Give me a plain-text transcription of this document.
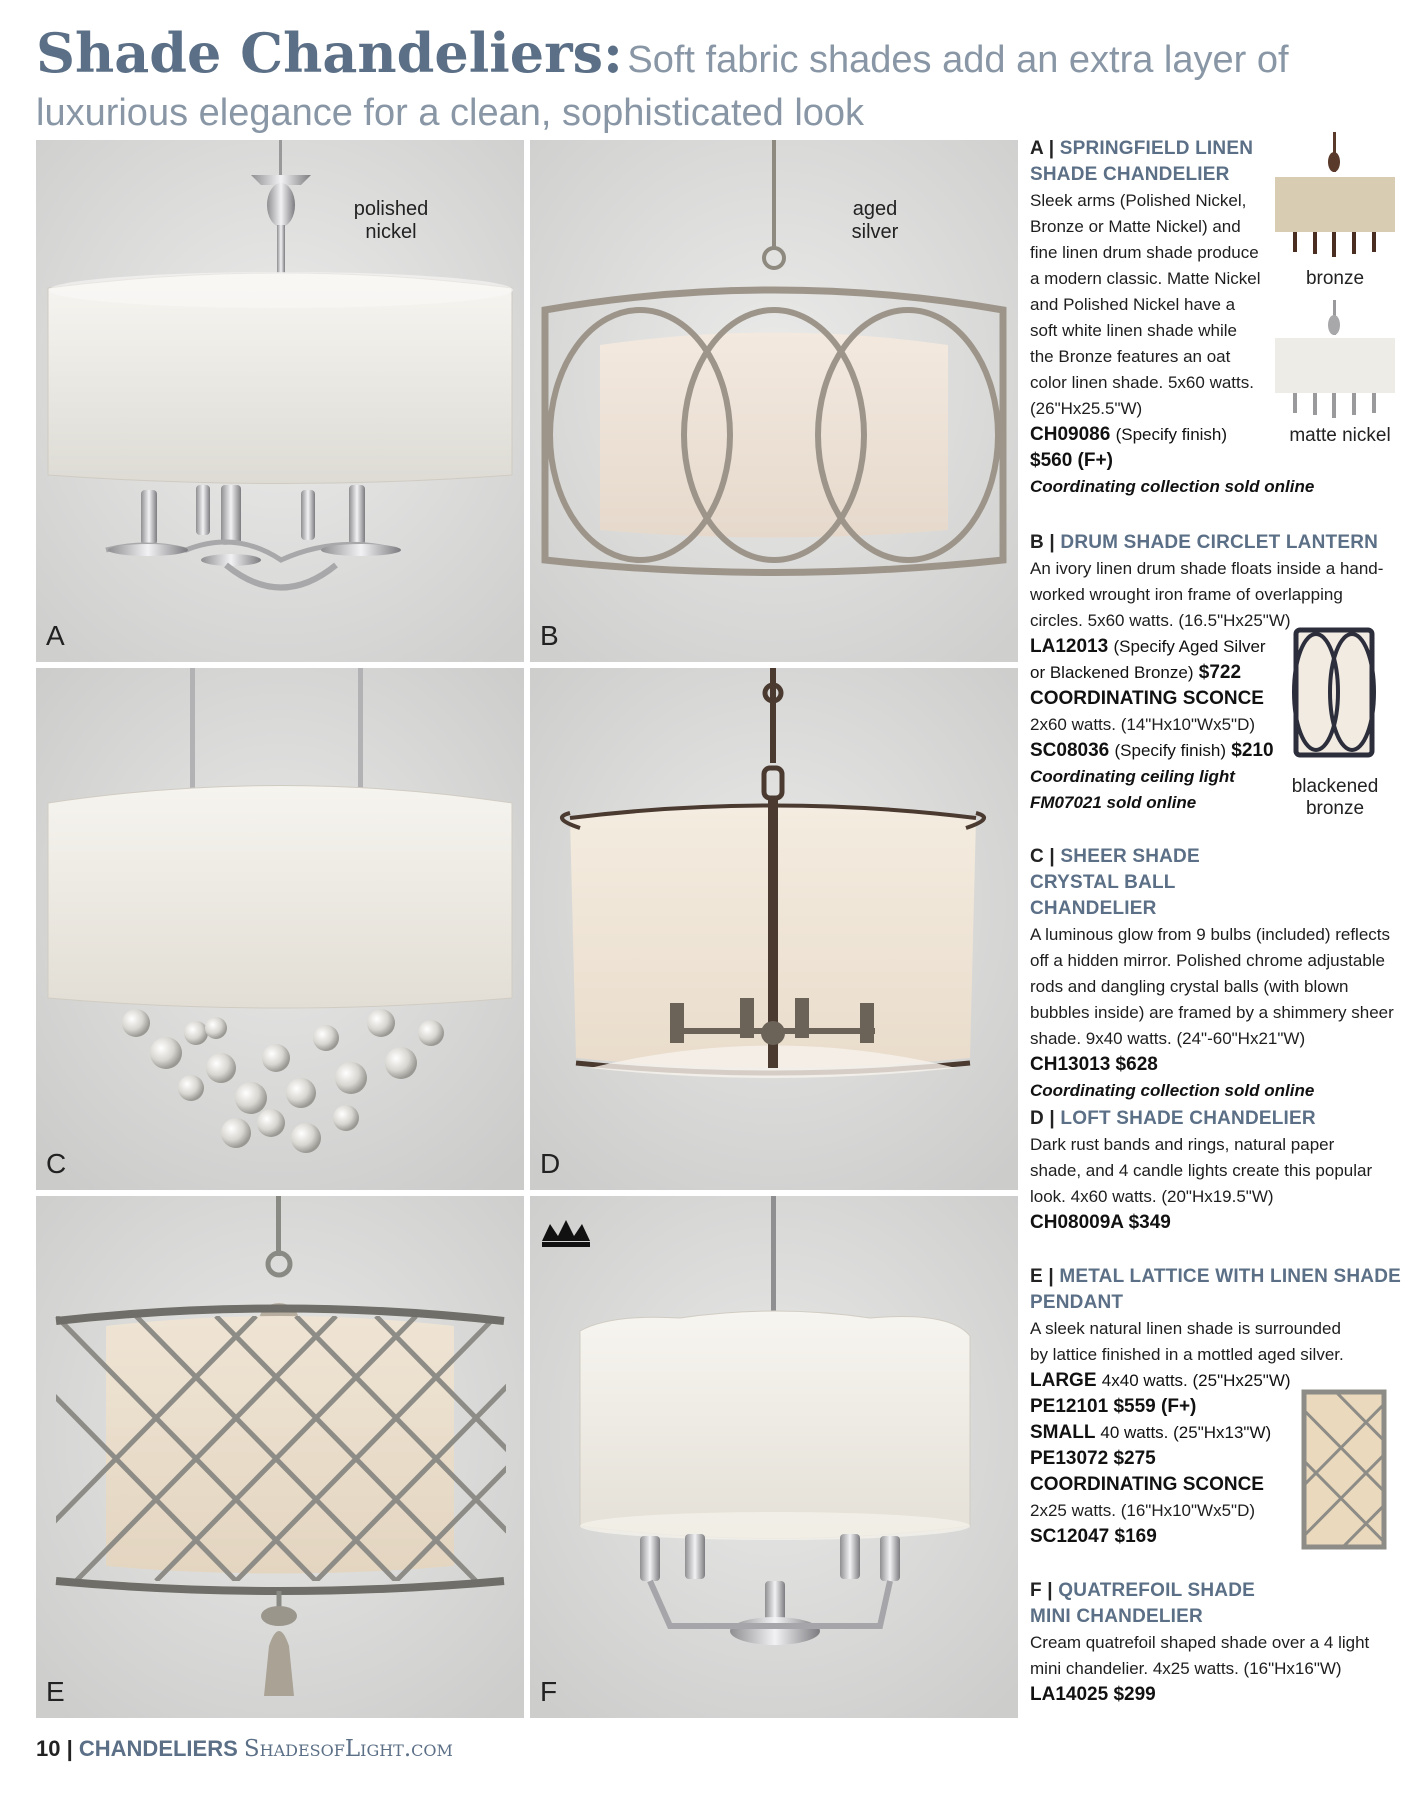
Shade Chandeliers: Soft fabric shades add an extra layer of
luxurious elegance for a clean, sophisticated look
polished
nickel
A
aged
silver
B
C	D
E	F
bronze
matte nickel
blackened
bronze
A | SPRINGFIELD LINEN SHADE CHANDELIER
Sleek arms (Polished Nickel, Bronze or Matte Nickel) and fine linen drum shade produce a modern classic. Matte Nickel and Polished Nickel have a soft white linen shade while the Bronze features an oat color linen shade. 5x60 watts. (26"Hx25.5"W)
CH09086 (Specify finish)
$560 (F+)
Coordinating collection sold online
B | DRUM SHADE CIRCLET LANTERN
An ivory linen drum shade floats inside a hand-worked wrought iron frame of overlapping circles. 5x60 watts. (16.5"Hx25"W)
LA12013 (Specify Aged Silver
or Blackened Bronze) $722
COORDINATING SCONCE
2x60 watts. (14"Hx10"Wx5"D)
SC08036 (Specify finish) $210
Coordinating ceiling light
FM07021 sold online
C | SHEER SHADE CRYSTAL BALL CHANDELIER
A luminous glow from 9 bulbs (included) reflects off a hidden mirror. Polished chrome adjustable rods and dangling crystal balls (with blown bubbles inside) are framed by a shimmery sheer shade. 9x40 watts. (24"-60"Hx21"W)
CH13013 $628
Coordinating collection sold online
D | LOFT SHADE CHANDELIER
Dark rust bands and rings, natural paper shade, and 4 candle lights create this popular look. 4x60 watts. (20"Hx19.5"W)
CH08009A $349
E | METAL LATTICE WITH LINEN SHADE PENDANT
A sleek natural linen shade is surrounded by lattice finished in a mottled aged silver.
LARGE 4x40 watts. (25"Hx25"W)
PE12101 $559 (F+)
SMALL 40 watts. (25"Hx13"W)
PE13072 $275
COORDINATING SCONCE
2x25 watts. (16"Hx10"Wx5"D)
SC12047 $169
F | QUATREFOIL SHADE MINI CHANDELIER
Cream quatrefoil shaped shade over a 4 light mini chandelier. 4x25 watts. (16"Hx16"W)
LA14025 $299
10 | CHANDELIERS ShadesofLight.com
